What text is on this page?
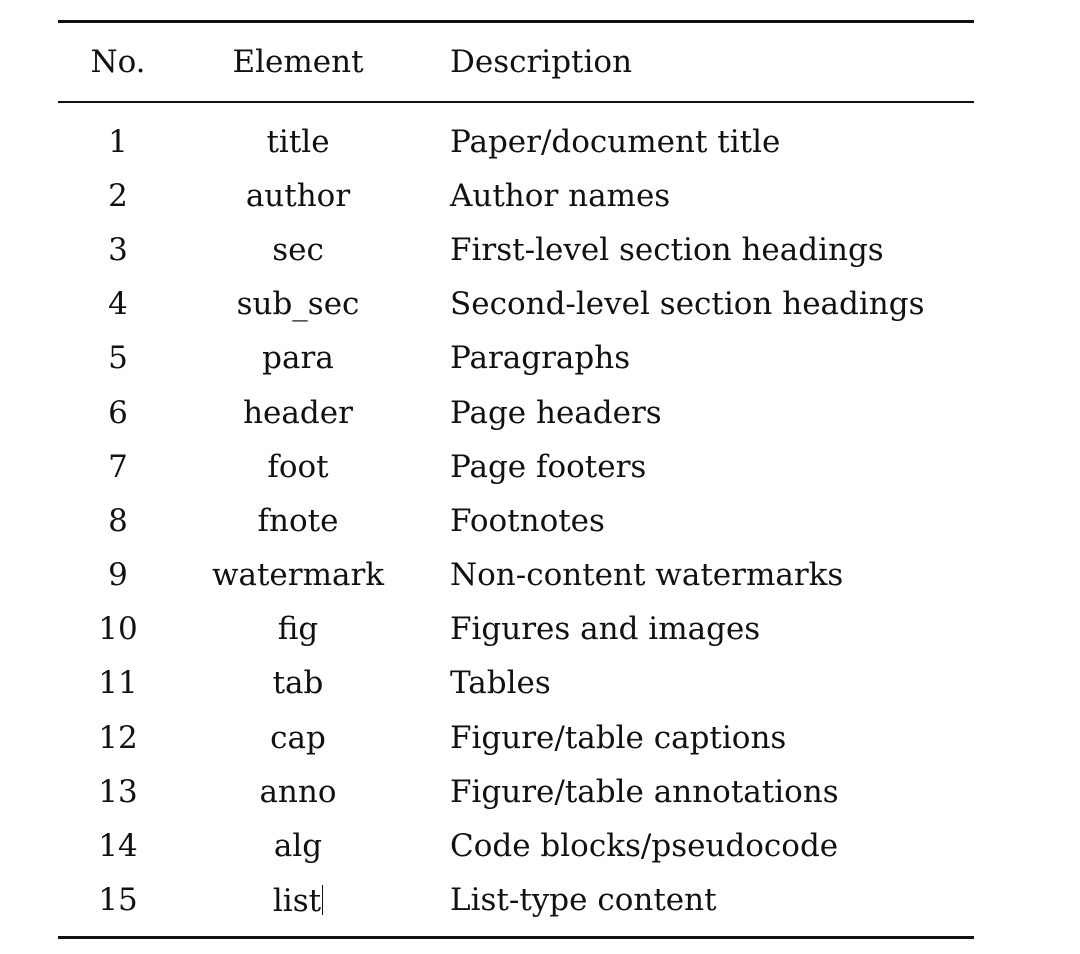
No.	Element	Description
1	title	Paper/document title
2	author	Author names
3	sec	First-level section headings
4	sub_sec	Second-level section headings
5	para	Paragraphs
6	header	Page headers
7	foot	Page footers
8	fnote	Footnotes
9	watermark	Non-content watermarks
10	fig	Figures and images
11	tab	Tables
12	cap	Figure/table captions
13	anno	Figure/table annotations
14	alg	Code blocks/pseudocode
15	list	List-type content
